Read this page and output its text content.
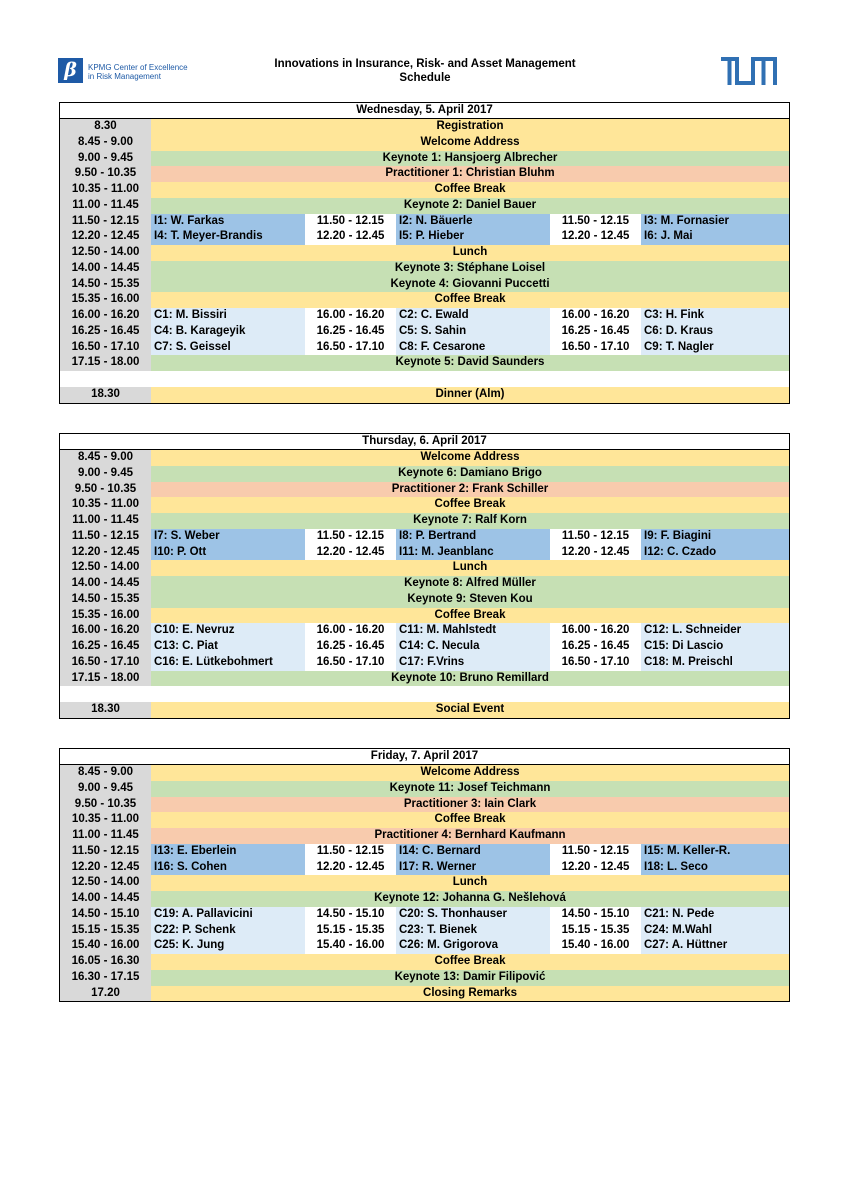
β	KPMG Center of Excellence
in Risk Management
Innovations in Insurance, Risk- and Asset Management
Schedule
Wednesday, 5. April 2017
8.30	Registration
8.45 - 9.00	Welcome Address
9.00 - 9.45	Keynote 1: Hansjoerg Albrecher
9.50 - 10.35	Practitioner 1: Christian Bluhm
10.35 - 11.00	Coffee Break
11.00 - 11.45	Keynote 2: Daniel Bauer
11.50 - 12.15	I1: W. Farkas	11.50 - 12.15	I2: N. Bäuerle	11.50 - 12.15	I3: M. Fornasier
12.20 - 12.45	I4: T. Meyer-Brandis	12.20 - 12.45	I5: P. Hieber	12.20 - 12.45	I6: J. Mai
12.50 - 14.00	Lunch
14.00 - 14.45	Keynote 3: Stéphane Loisel
14.50 - 15.35	Keynote 4: Giovanni Puccetti
15.35 - 16.00	Coffee Break
16.00 - 16.20	C1: M. Bissiri	16.00 - 16.20	C2: C. Ewald	16.00 - 16.20	C3: H. Fink
16.25 - 16.45	C4: B. Karageyik	16.25 - 16.45	C5: S. Sahin	16.25 - 16.45	C6: D. Kraus
16.50 - 17.10	C7: S. Geissel	16.50 - 17.10	C8: F. Cesarone	16.50 - 17.10	C9: T. Nagler
17.15 - 18.00	Keynote 5: David Saunders
18.30	Dinner (Alm)
Thursday, 6. April 2017
8.45 - 9.00	Welcome Address
9.00 - 9.45	Keynote 6: Damiano Brigo
9.50 - 10.35	Practitioner 2: Frank Schiller
10.35 - 11.00	Coffee Break
11.00 - 11.45	Keynote 7: Ralf Korn
11.50 - 12.15	I7: S. Weber	11.50 - 12.15	I8: P. Bertrand	11.50 - 12.15	I9: F. Biagini
12.20 - 12.45	I10: P. Ott	12.20 - 12.45	I11: M. Jeanblanc	12.20 - 12.45	I12: C. Czado
12.50 - 14.00	Lunch
14.00 - 14.45	Keynote 8: Alfred Müller
14.50 - 15.35	Keynote 9: Steven Kou
15.35 - 16.00	Coffee Break
16.00 - 16.20	C10: E. Nevruz	16.00 - 16.20	C11: M. Mahlstedt	16.00 - 16.20	C12: L. Schneider
16.25 - 16.45	C13: C. Piat	16.25 - 16.45	C14: C. Necula	16.25 - 16.45	C15: Di Lascio
16.50 - 17.10	C16: E. Lütkebohmert	16.50 - 17.10	C17: F.Vrins	16.50 - 17.10	C18: M. Preischl
17.15 - 18.00	Keynote 10: Bruno Remillard
18.30	Social Event
Friday, 7. April 2017
8.45 - 9.00	Welcome Address
9.00 - 9.45	Keynote 11: Josef Teichmann
9.50 - 10.35	Practitioner 3: Iain Clark
10.35 - 11.00	Coffee Break
11.00 - 11.45	Practitioner 4: Bernhard Kaufmann
11.50 - 12.15	I13: E. Eberlein	11.50 - 12.15	I14: C. Bernard	11.50 - 12.15	I15: M. Keller-R.
12.20 - 12.45	I16: S. Cohen	12.20 - 12.45	I17: R. Werner	12.20 - 12.45	I18: L. Seco
12.50 - 14.00	Lunch
14.00 - 14.45	Keynote 12: Johanna G. Nešlehová
14.50 - 15.10	C19: A. Pallavicini	14.50 - 15.10	C20: S. Thonhauser	14.50 - 15.10	C21: N. Pede
15.15 - 15.35	C22: P. Schenk	15.15 - 15.35	C23: T. Bienek	15.15 - 15.35	C24: M.Wahl
15.40 - 16.00	C25: K. Jung	15.40 - 16.00	C26: M. Grigorova	15.40 - 16.00	C27: A. Hüttner
16.05 - 16.30	Coffee Break
16.30 - 17.15	Keynote 13: Damir Filipović
17.20	Closing Remarks
